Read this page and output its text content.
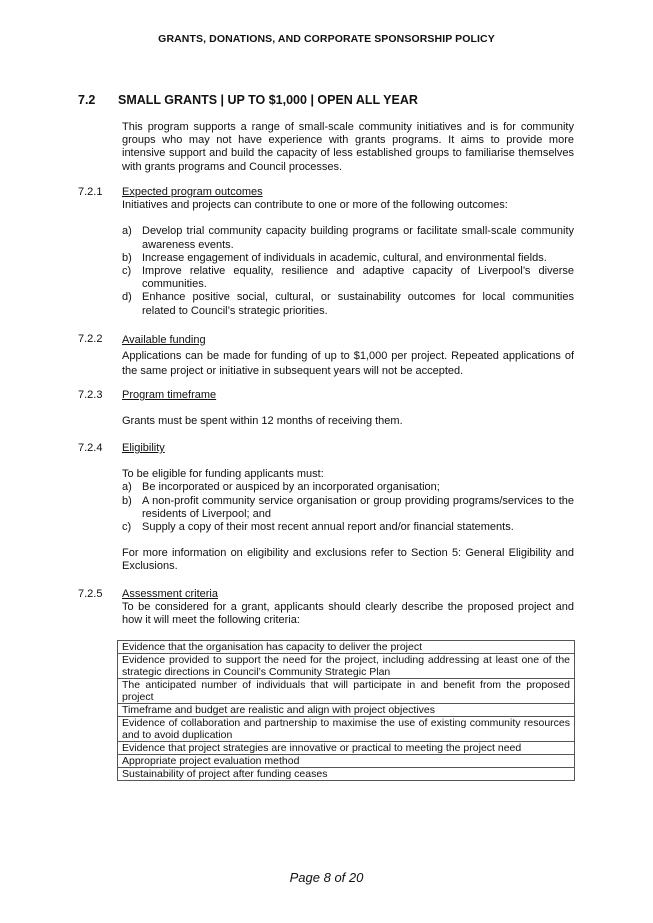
GRANTS, DONATIONS, AND CORPORATE SPONSORSHIP POLICY
7.2 SMALL GRANTS | UP TO $1,000 | OPEN ALL YEAR
This program supports a range of small-scale community initiatives and is for community groups who may not have experience with grants programs. It aims to provide more intensive support and build the capacity of less established groups to familiarise themselves with grants programs and Council processes.
7.2.1 Expected program outcomes
Initiatives and projects can contribute to one or more of the following outcomes:
a) Develop trial community capacity building programs or facilitate small-scale community awareness events.
b) Increase engagement of individuals in academic, cultural, and environmental fields.
c) Improve relative equality, resilience and adaptive capacity of Liverpool’s diverse communities.
d) Enhance positive social, cultural, or sustainability outcomes for local communities related to Council’s strategic priorities.
7.2.2 Available funding
Applications can be made for funding of up to $1,000 per project. Repeated applications of the same project or initiative in subsequent years will not be accepted.
7.2.3 Program timeframe
Grants must be spent within 12 months of receiving them.
7.2.4 Eligibility
To be eligible for funding applicants must:
a) Be incorporated or auspiced by an incorporated organisation;
b) A non-profit community service organisation or group providing programs/services to the residents of Liverpool; and
c) Supply a copy of their most recent annual report and/or financial statements.
For more information on eligibility and exclusions refer to Section 5: General Eligibility and Exclusions.
7.2.5 Assessment criteria
To be considered for a grant, applicants should clearly describe the proposed project and how it will meet the following criteria:
Evidence that the organisation has capacity to deliver the project
Evidence provided to support the need for the project, including addressing at least one of the strategic directions in Council’s Community Strategic Plan
The anticipated number of individuals that will participate in and benefit from the proposed project
Timeframe and budget are realistic and align with project objectives
Evidence of collaboration and partnership to maximise the use of existing community resources and to avoid duplication
Evidence that project strategies are innovative or practical to meeting the project need
Appropriate project evaluation method
Sustainability of project after funding ceases
Page 8 of 20
